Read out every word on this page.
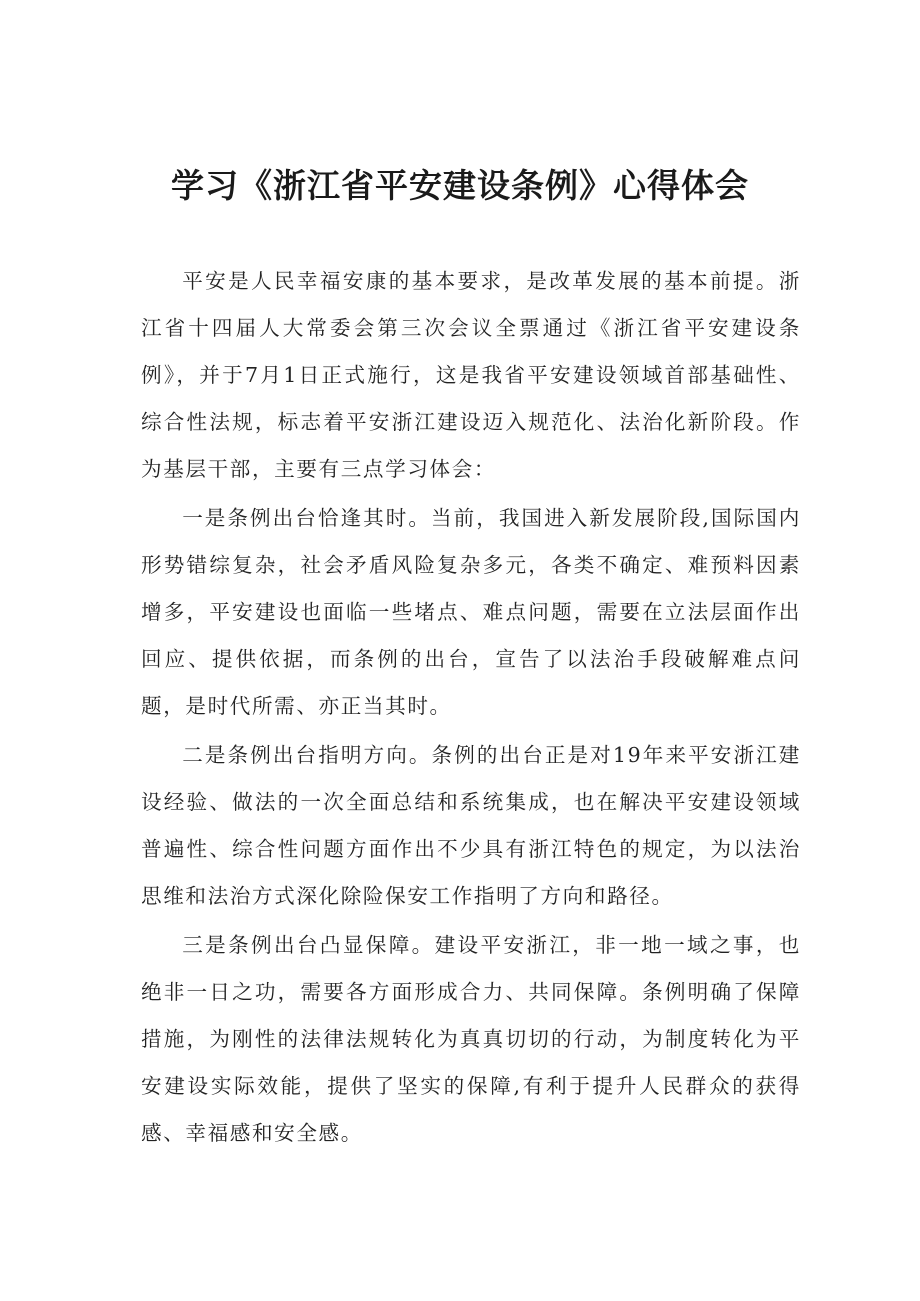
学习《浙江省平安建设条例》心得体会

平安是人民幸福安康的基本要求，是改革发展的基本前提。浙江省十四届人大常委会第三次会议全票通过《浙江省平安建设条例》，并于7月1日正式施行，这是我省平安建设领域首部基础性、综合性法规，标志着平安浙江建设迈入规范化、法治化新阶段。作为基层干部，主要有三点学习体会：

一是条例出台恰逢其时。当前，我国进入新发展阶段,国际国内形势错综复杂，社会矛盾风险复杂多元，各类不确定、难预料因素增多，平安建设也面临一些堵点、难点问题，需要在立法层面作出回应、提供依据，而条例的出台，宣告了以法治手段破解难点问题，是时代所需、亦正当其时。

二是条例出台指明方向。条例的出台正是对19年来平安浙江建设经验、做法的一次全面总结和系统集成，也在解决平安建设领域普遍性、综合性问题方面作出不少具有浙江特色的规定，为以法治思维和法治方式深化除险保安工作指明了方向和路径。

三是条例出台凸显保障。建设平安浙江，非一地一域之事，也绝非一日之功，需要各方面形成合力、共同保障。条例明确了保障措施，为刚性的法律法规转化为真真切切的行动，为制度转化为平安建设实际效能，提供了坚实的保障,有利于提升人民群众的获得感、幸福感和安全感。
